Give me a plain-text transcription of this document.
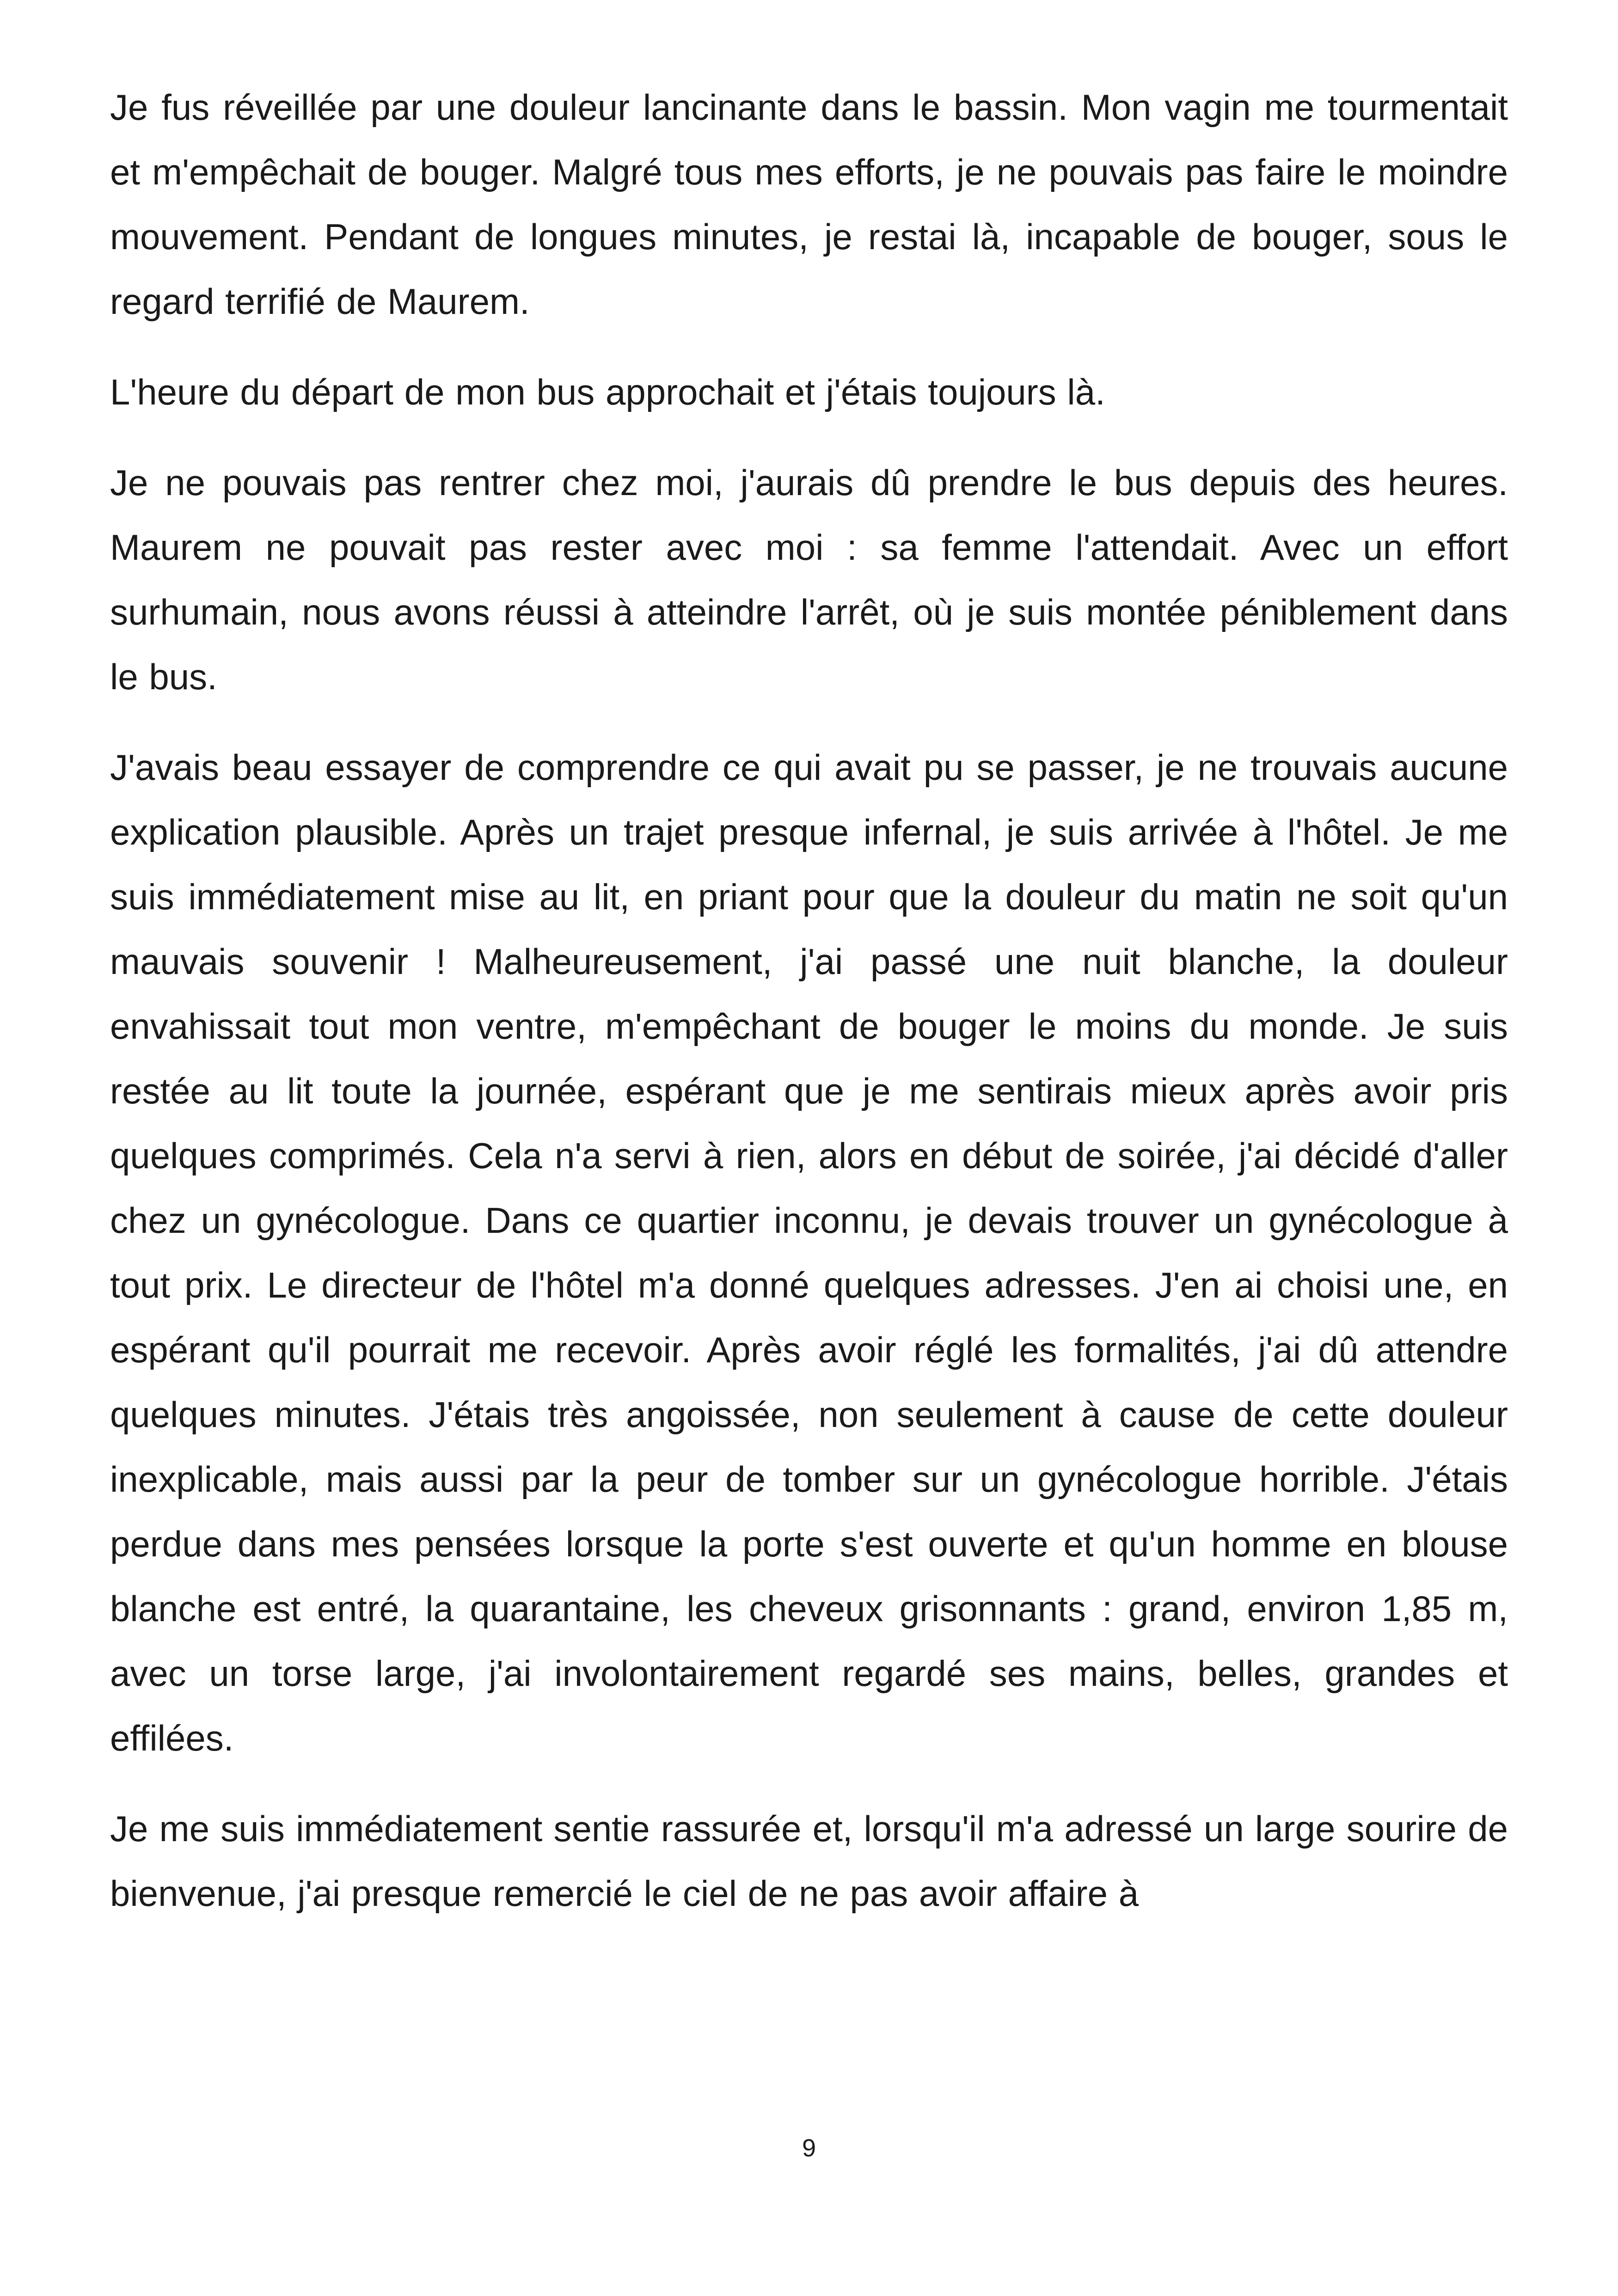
Je fus réveillée par une douleur lancinante dans le bassin. Mon vagin me tourmentait et m'empêchait de bouger. Malgré tous mes efforts, je ne pouvais pas faire le moindre mouvement. Pendant de longues minutes, je restai là, incapable de bouger, sous le regard terrifié de Maurem.

L'heure du départ de mon bus approchait et j'étais toujours là.

Je ne pouvais pas rentrer chez moi, j'aurais dû prendre le bus depuis des heures. Maurem ne pouvait pas rester avec moi : sa femme l'attendait. Avec un effort surhumain, nous avons réussi à atteindre l'arrêt, où je suis montée péniblement dans le bus.

J'avais beau essayer de comprendre ce qui avait pu se passer, je ne trouvais aucune explication plausible. Après un trajet presque infernal, je suis arrivée à l'hôtel. Je me suis immédiatement mise au lit, en priant pour que la douleur du matin ne soit qu'un mauvais souvenir ! Malheureusement, j'ai passé une nuit blanche, la douleur envahissait tout mon ventre, m'empêchant de bouger le moins du monde. Je suis restée au lit toute la journée, espérant que je me sentirais mieux après avoir pris quelques comprimés. Cela n'a servi à rien, alors en début de soirée, j'ai décidé d'aller chez un gynécologue. Dans ce quartier inconnu, je devais trouver un gynécologue à tout prix. Le directeur de l'hôtel m'a donné quelques adresses. J'en ai choisi une, en espérant qu'il pourrait me recevoir. Après avoir réglé les formalités, j'ai dû attendre quelques minutes. J'étais très angoissée, non seulement à cause de cette douleur inexplicable, mais aussi par la peur de tomber sur un gynécologue horrible. J'étais perdue dans mes pensées lorsque la porte s'est ouverte et qu'un homme en blouse blanche est entré, la quarantaine, les cheveux grisonnants : grand, environ 1,85 m, avec un torse large, j'ai involontairement regardé ses mains, belles, grandes et effilées.

Je me suis immédiatement sentie rassurée et, lorsqu'il m'a adressé un large sourire de bienvenue, j'ai presque remercié le ciel de ne pas avoir affaire à

9
